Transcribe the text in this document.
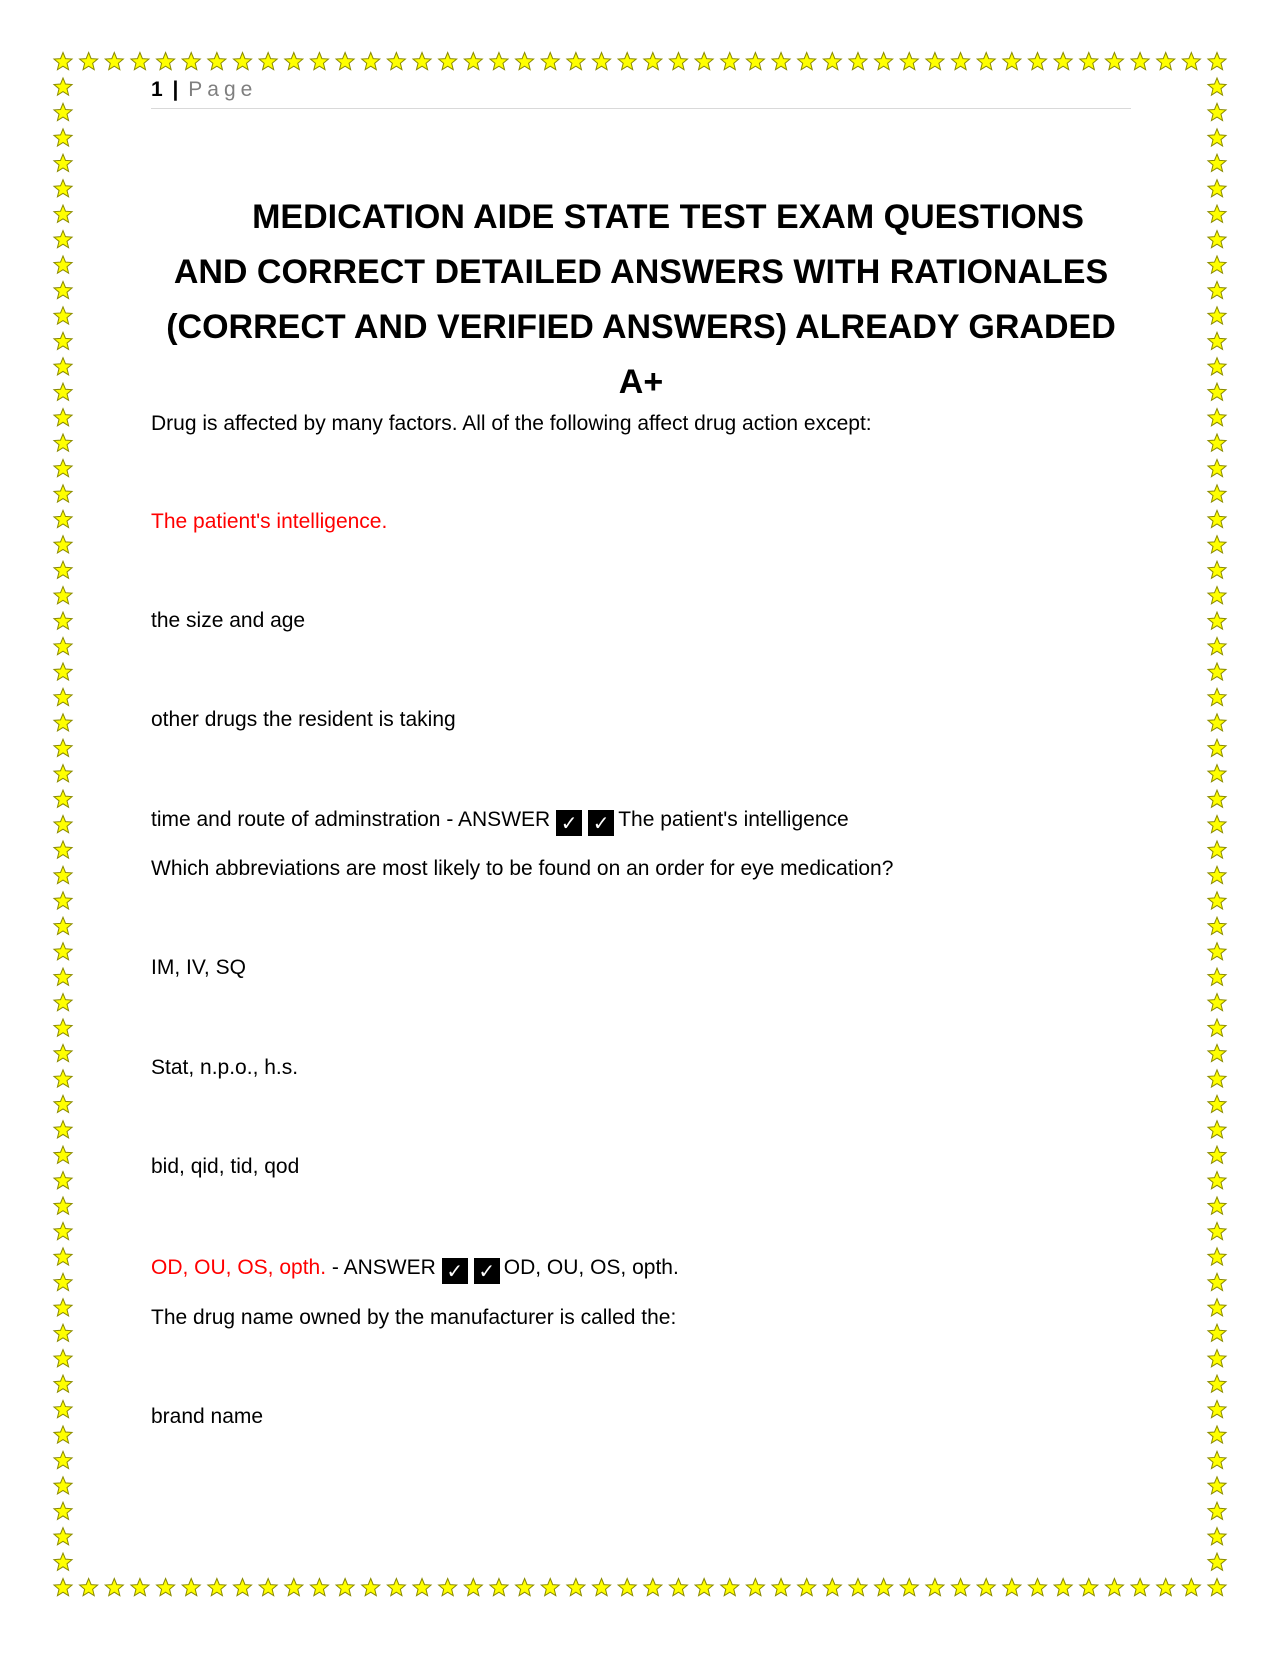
1 | Page
MEDICATION AIDE STATE TEST EXAM QUESTIONS
AND CORRECT DETAILED ANSWERS WITH RATIONALES
(CORRECT AND VERIFIED ANSWERS) ALREADY GRADED
A+
Drug is affected by many factors. All of the following affect drug action except:
The patient's intelligence.
the size and age
other drugs the resident is taking
time and route of adminstration - ANSWER ✓ ✓ The patient's intelligence
Which abbreviations are most likely to be found on an order for eye medication?
IM, IV, SQ
Stat, n.p.o., h.s.
bid, qid, tid, qod
OD, OU, OS, opth. - ANSWER ✓ ✓ OD, OU, OS, opth.
The drug name owned by the manufacturer is called the:
brand name
